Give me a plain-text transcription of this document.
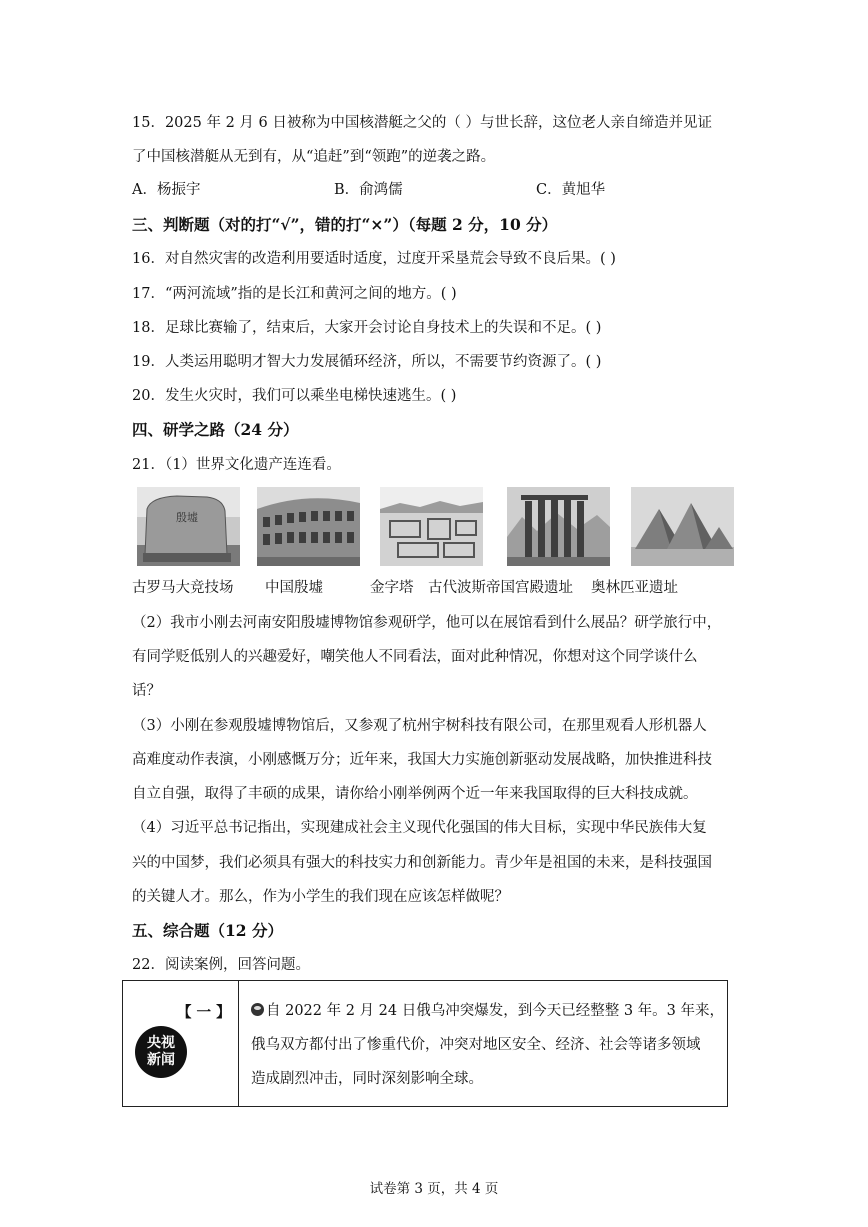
15．2025 年 2 月 6 日被称为中国核潜艇之父的（ ）与世长辞，这位老人亲自缔造并见证
了中国核潜艇从无到有，从“追赶”到“领跑”的逆袭之路。
A．杨振宇	B．俞鸿儒	C．黄旭华
三、判断题（对的打“√”，错的打“×”）（每题 2 分，10 分）
16．对自然灾害的改造利用要适时适度，过度开采垦荒会导致不良后果。( )
17．“两河流域”指的是长江和黄河之间的地方。( )
18．足球比赛输了，结束后，大家开会讨论自身技术上的失误和不足。( )
19．人类运用聪明才智大力发展循环经济，所以，不需要节约资源了。( )
20．发生火灾时，我们可以乘坐电梯快速逃生。( )
四、研学之路（24 分）
21．（1）世界文化遗产连连看。
殷墟
古罗马大竞技场 中国殷墟	金字塔 古代波斯帝国宫殿遗址 奥林匹亚遗址
（2）我市小刚去河南安阳殷墟博物馆参观研学，他可以在展馆看到什么展品？研学旅行中，
有同学贬低别人的兴趣爱好，嘲笑他人不同看法，面对此种情况，你想对这个同学谈什么
话？
（3）小刚在参观殷墟博物馆后，又参观了杭州宇树科技有限公司，在那里观看人形机器人
高难度动作表演，小刚感慨万分；近年来，我国大力实施创新驱动发展战略，加快推进科技
自立自强，取得了丰硕的成果，请你给小刚举例两个近一年来我国取得的巨大科技成就。
（4）习近平总书记指出，实现建成社会主义现代化强国的伟大目标，实现中华民族伟大复
兴的中国梦，我们必须具有强大的科技实力和创新能力。青少年是祖国的未来，是科技强国
的关键人才。那么，作为小学生的我们现在应该怎样做呢？
五、综合题（12 分）
22．阅读案例，回答问题。
【 一 】
央视
新闻
自 2022 年 2 月 24 日俄乌冲突爆发，到今天已经整整 3 年。3 年来，
俄乌双方都付出了惨重代价，冲突对地区安全、经济、社会等诸多领域
造成剧烈冲击，同时深刻影响全球。
试卷第 3 页，共 4 页
